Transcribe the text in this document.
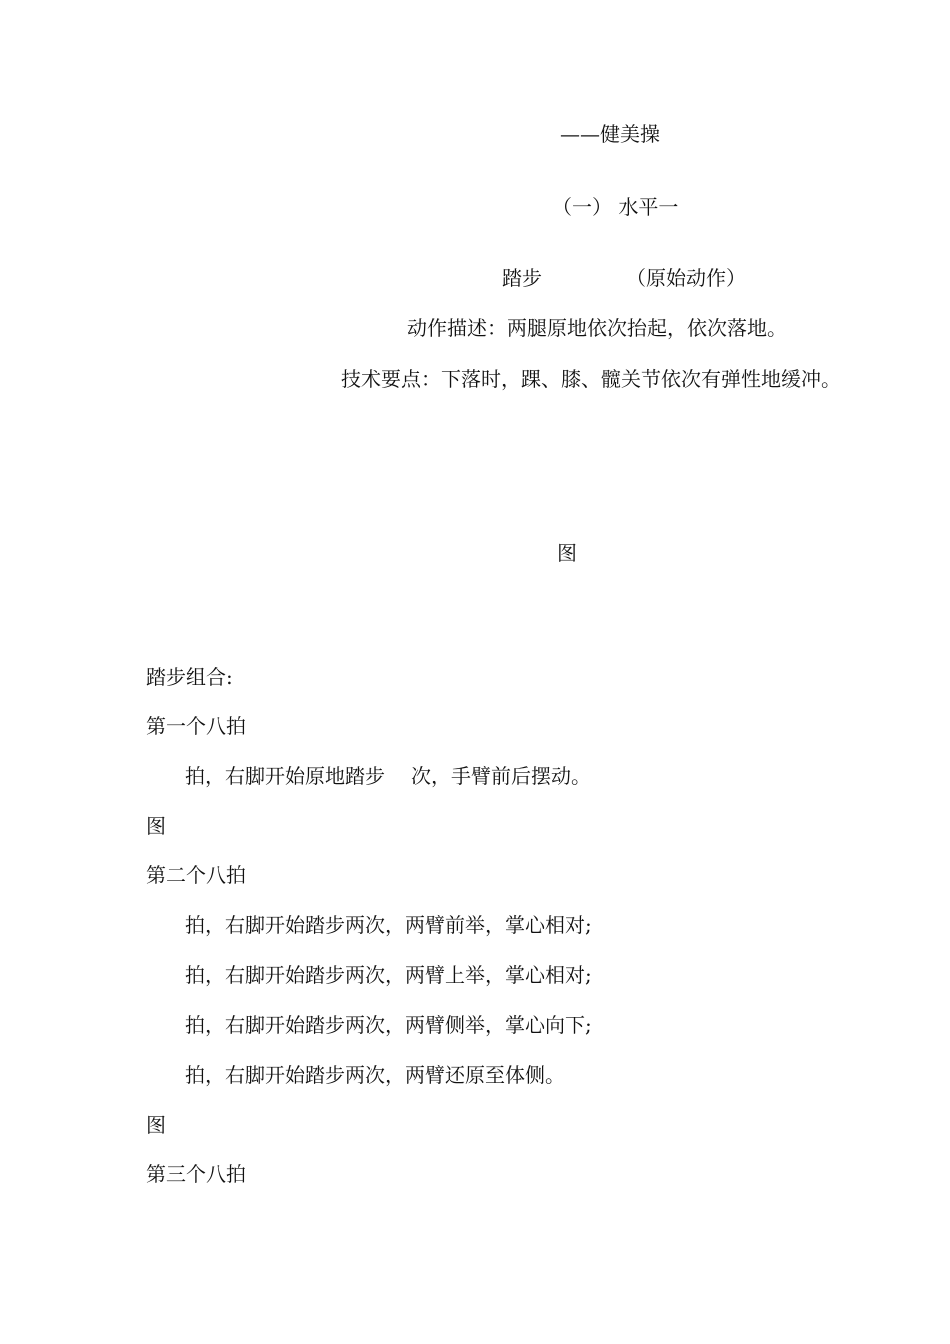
——健美操

（一） 水平一

踏步	（原始动作）

动作描述：两腿原地依次抬起，依次落地。

技术要点：下落时，踝、膝、髋关节依次有弹性地缓冲。

图

踏步组合:

第一个八拍

拍，右脚开始原地踏步 次，手臂前后摆动。

图

第二个八拍

拍，右脚开始踏步两次，两臂前举，掌心相对;

拍，右脚开始踏步两次，两臂上举，掌心相对;

拍，右脚开始踏步两次，两臂侧举，掌心向下;

拍，右脚开始踏步两次，两臂还原至体侧。

图

第三个八拍
